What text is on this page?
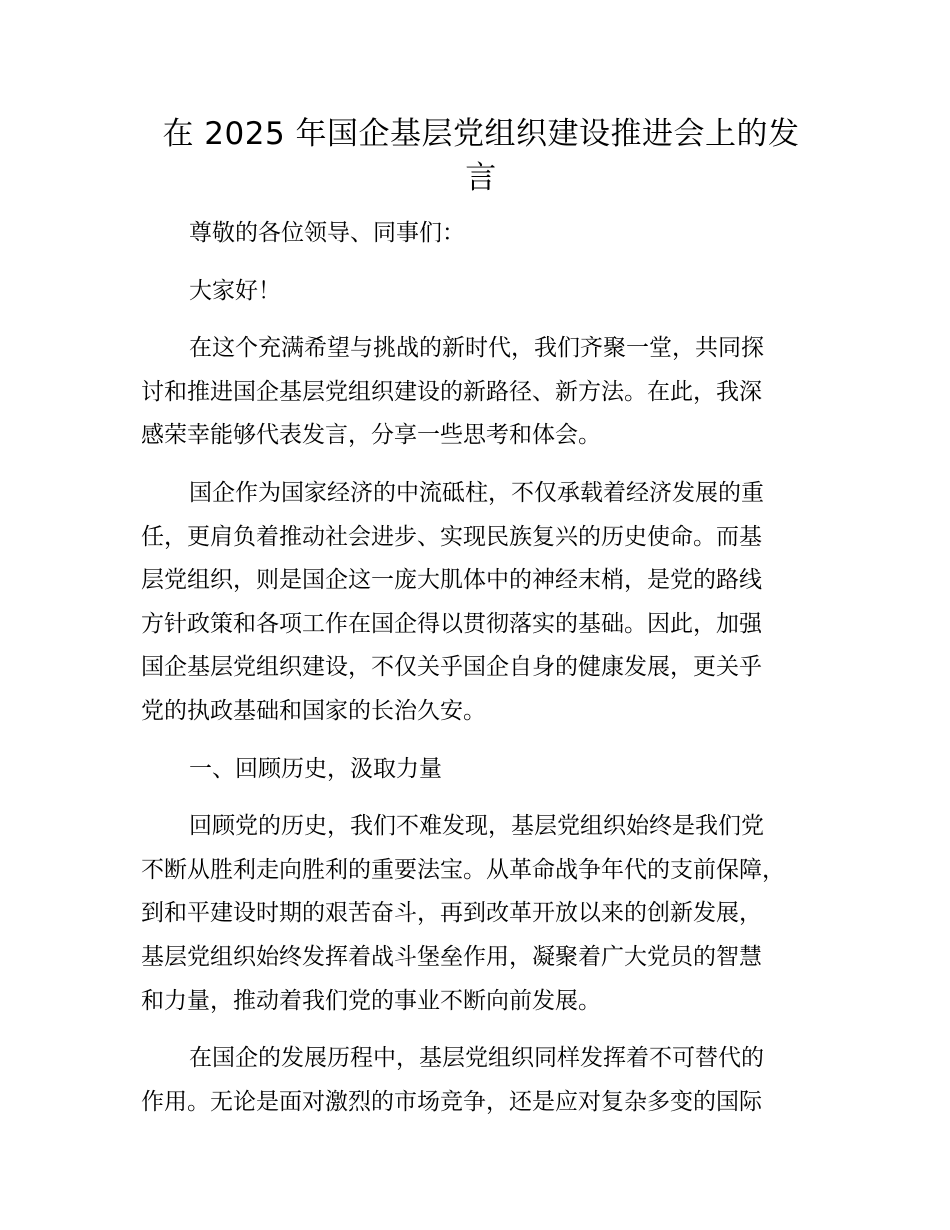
在 2025 年国企基层党组织建设推进会上的发
言

尊敬的各位领导、同事们：

大家好！

在这个充满希望与挑战的新时代，我们齐聚一堂，共同探
讨和推进国企基层党组织建设的新路径、新方法。在此，我深
感荣幸能够代表发言，分享一些思考和体会。

国企作为国家经济的中流砥柱，不仅承载着经济发展的重
任，更肩负着推动社会进步、实现民族复兴的历史使命。而基
层党组织，则是国企这一庞大肌体中的神经末梢，是党的路线
方针政策和各项工作在国企得以贯彻落实的基础。因此，加强
国企基层党组织建设，不仅关乎国企自身的健康发展，更关乎
党的执政基础和国家的长治久安。

一、回顾历史，汲取力量

回顾党的历史，我们不难发现，基层党组织始终是我们党
不断从胜利走向胜利的重要法宝。从革命战争年代的支前保障，
到和平建设时期的艰苦奋斗，再到改革开放以来的创新发展，
基层党组织始终发挥着战斗堡垒作用，凝聚着广大党员的智慧
和力量，推动着我们党的事业不断向前发展。

在国企的发展历程中，基层党组织同样发挥着不可替代的
作用。无论是面对激烈的市场竞争，还是应对复杂多变的国际
